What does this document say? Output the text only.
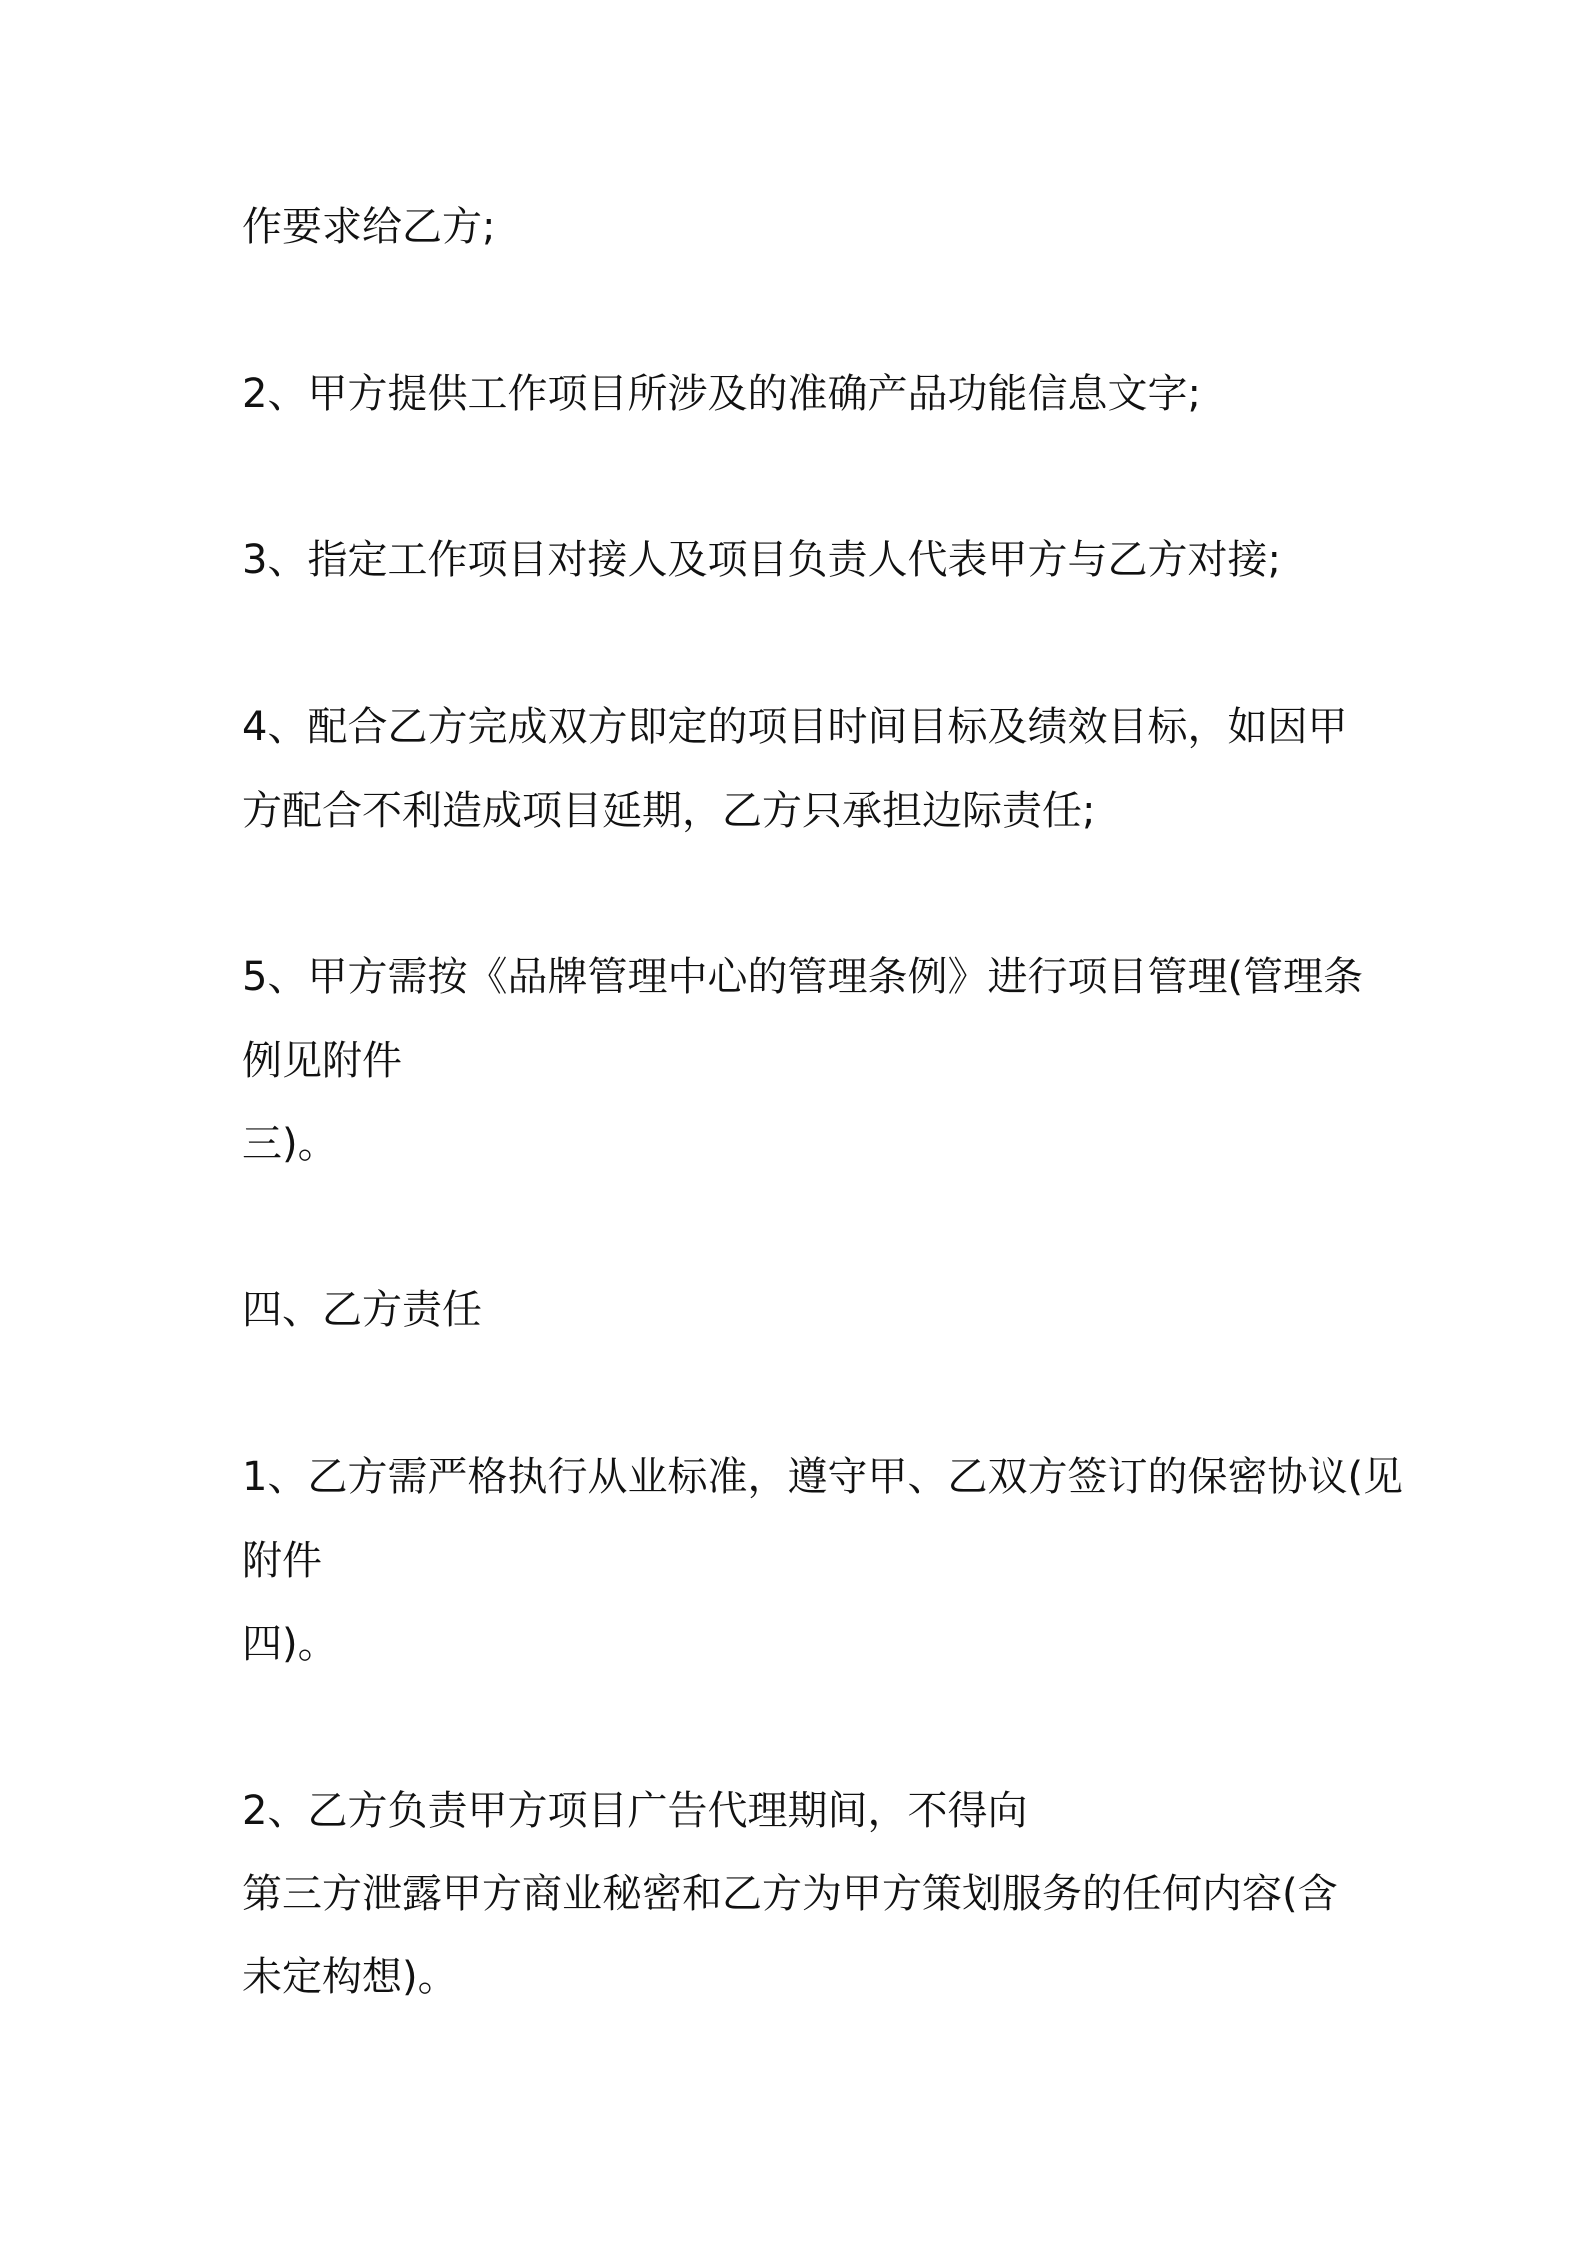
作要求给乙方;

2、甲方提供工作项目所涉及的准确产品功能信息文字;

3、指定工作项目对接人及项目负责人代表甲方与乙方对接;

4、配合乙方完成双方即定的项目时间目标及绩效目标，如因甲

方配合不利造成项目延期，乙方只承担边际责任;

5、甲方需按《品牌管理中心的管理条例》进行项目管理(管理条

例见附件

三)。

四、乙方责任

1、乙方需严格执行从业标准，遵守甲、乙双方签订的保密协议(见

附件

四)。

2、乙方负责甲方项目广告代理期间，不得向

第三方泄露甲方商业秘密和乙方为甲方策划服务的任何内容(含

未定构想)。
